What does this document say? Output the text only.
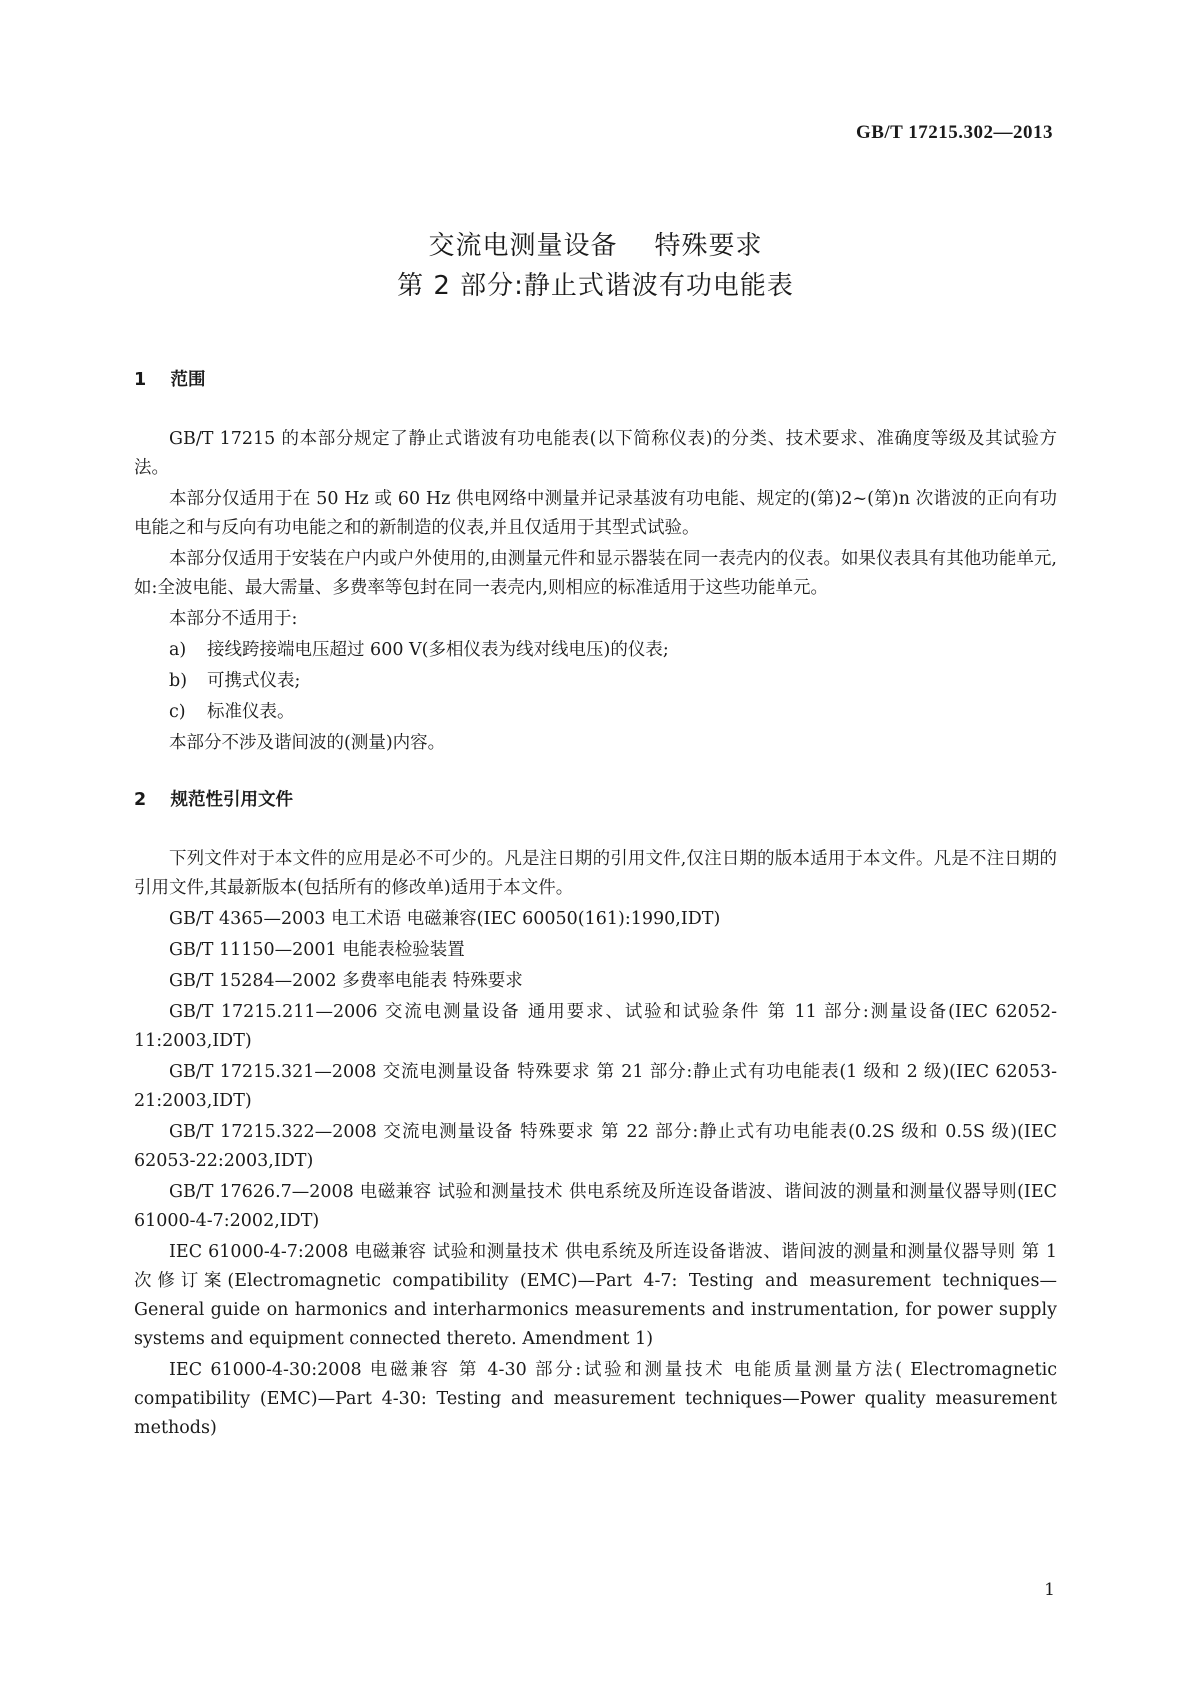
GB/T 17215.302—2013
交流电测量设备    特殊要求
第 2 部分:静止式谐波有功电能表
1    范围

GB/T 17215 的本部分规定了静止式谐波有功电能表(以下简称仪表)的分类、技术要求、准确度等级及其试验方法。

本部分仅适用于在 50 Hz 或 60 Hz 供电网络中测量并记录基波有功电能、规定的(第)2~(第)n 次谐波的正向有功电能之和与反向有功电能之和的新制造的仪表,并且仅适用于其型式试验。

本部分仅适用于安装在户内或户外使用的,由测量元件和显示器装在同一表壳内的仪表。如果仪表具有其他功能单元,如:全波电能、最大需量、多费率等包封在同一表壳内,则相应的标准适用于这些功能单元。

本部分不适用于:

a) 接线跨接端电压超过 600 V(多相仪表为线对线电压)的仪表;
b) 可携式仪表;
c) 标准仪表。

本部分不涉及谐间波的(测量)内容。

2    规范性引用文件

下列文件对于本文件的应用是必不可少的。凡是注日期的引用文件,仅注日期的版本适用于本文件。凡是不注日期的引用文件,其最新版本(包括所有的修改单)适用于本文件。

GB/T 4365—2003 电工术语 电磁兼容(IEC 60050(161):1990,IDT)

GB/T 11150—2001 电能表检验装置

GB/T 15284—2002 多费率电能表 特殊要求

GB/T 17215.211—2006 交流电测量设备 通用要求、试验和试验条件 第 11 部分:测量设备(IEC 62052-11:2003,IDT)

GB/T 17215.321—2008 交流电测量设备 特殊要求 第 21 部分:静止式有功电能表(1 级和 2 级)(IEC 62053-21:2003,IDT)

GB/T 17215.322—2008 交流电测量设备 特殊要求 第 22 部分:静止式有功电能表(0.2S 级和 0.5S 级)(IEC 62053-22:2003,IDT)

GB/T 17626.7—2008 电磁兼容 试验和测量技术 供电系统及所连设备谐波、谐间波的测量和测量仪器导则(IEC 61000-4-7:2002,IDT)

IEC 61000-4-7:2008 电磁兼容 试验和测量技术 供电系统及所连设备谐波、谐间波的测量和测量仪器导则 第 1 次修订案(Electromagnetic compatibility (EMC)—Part 4-7: Testing and measurement techniques—General guide on harmonics and interharmonics measurements and instrumentation, for power supply systems and equipment connected thereto. Amendment 1)

IEC 61000-4-30:2008 电磁兼容 第 4-30 部分:试验和测量技术 电能质量测量方法( Electromagnetic compatibility (EMC)—Part 4-30: Testing and measurement techniques—Power quality measurement methods)

1
